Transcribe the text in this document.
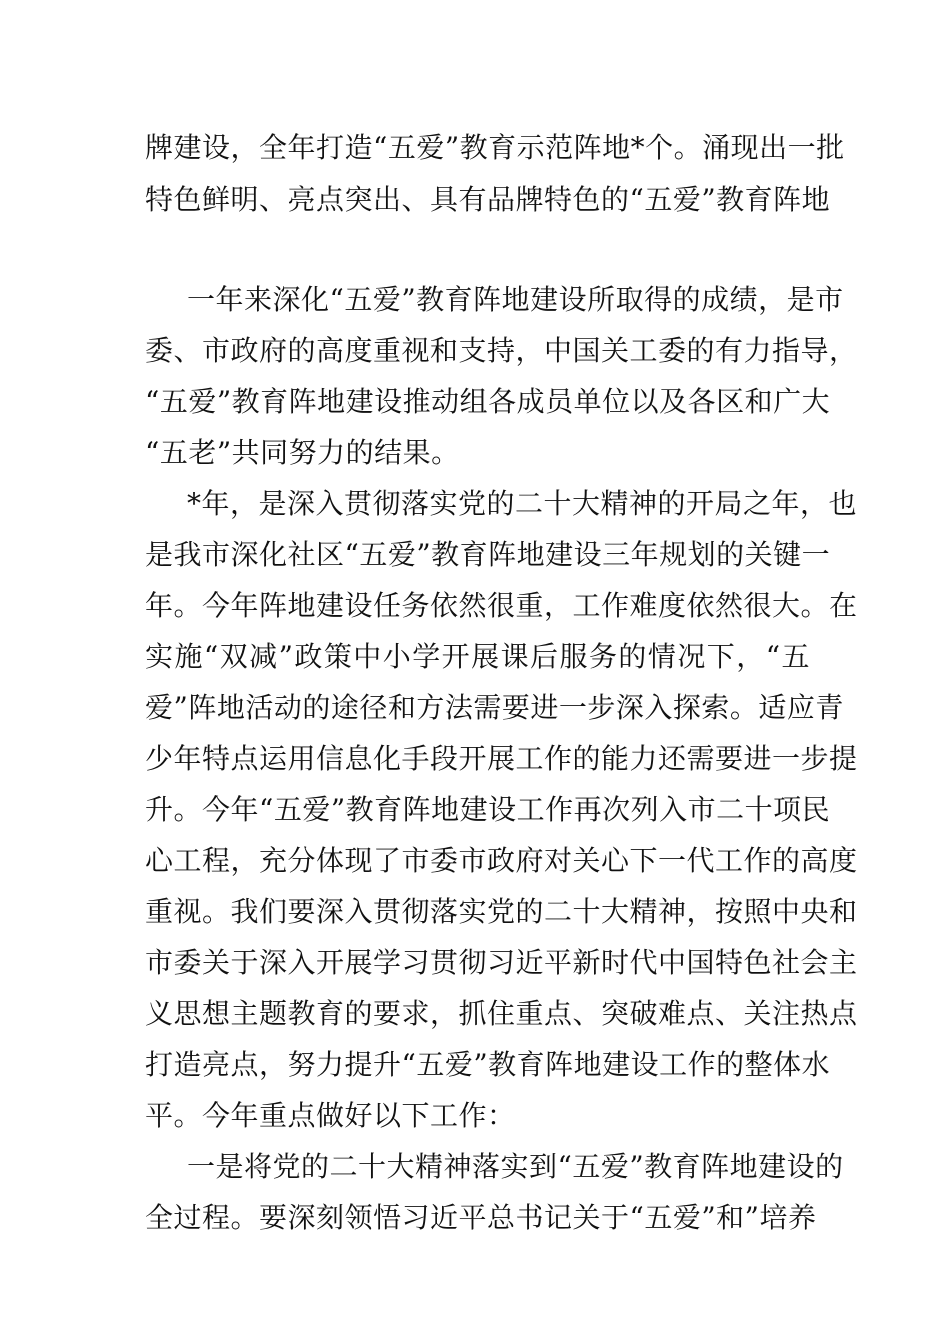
牌建设，全年打造“五爱”教育示范阵地*个。涌现出一批
特色鲜明、亮点突出、具有品牌特色的“五爱”教育阵地
一年来深化“五爱”教育阵地建设所取得的成绩，是市
委、市政府的高度重视和支持，中国关工委的有力指导，
“五爱”教育阵地建设推动组各成员单位以及各区和广大
“五老”共同努力的结果。
*年，是深入贯彻落实党的二十大精神的开局之年，也
是我市深化社区“五爱”教育阵地建设三年规划的关键一
年。今年阵地建设任务依然很重，工作难度依然很大。在
实施“双减”政策中小学开展课后服务的情况下，“五
爱”阵地活动的途径和方法需要进一步深入探索。适应青
少年特点运用信息化手段开展工作的能力还需要进一步提
升。今年“五爱”教育阵地建设工作再次列入市二十项民
心工程，充分体现了市委市政府对关心下一代工作的高度
重视。我们要深入贯彻落实党的二十大精神，按照中央和
市委关于深入开展学习贯彻习近平新时代中国特色社会主
义思想主题教育的要求，抓住重点、突破难点、关注热点
打造亮点，努力提升“五爱”教育阵地建设工作的整体水
平。今年重点做好以下工作：
一是将党的二十大精神落实到“五爱”教育阵地建设的
全过程。要深刻领悟习近平总书记关于“五爱”和”培养
